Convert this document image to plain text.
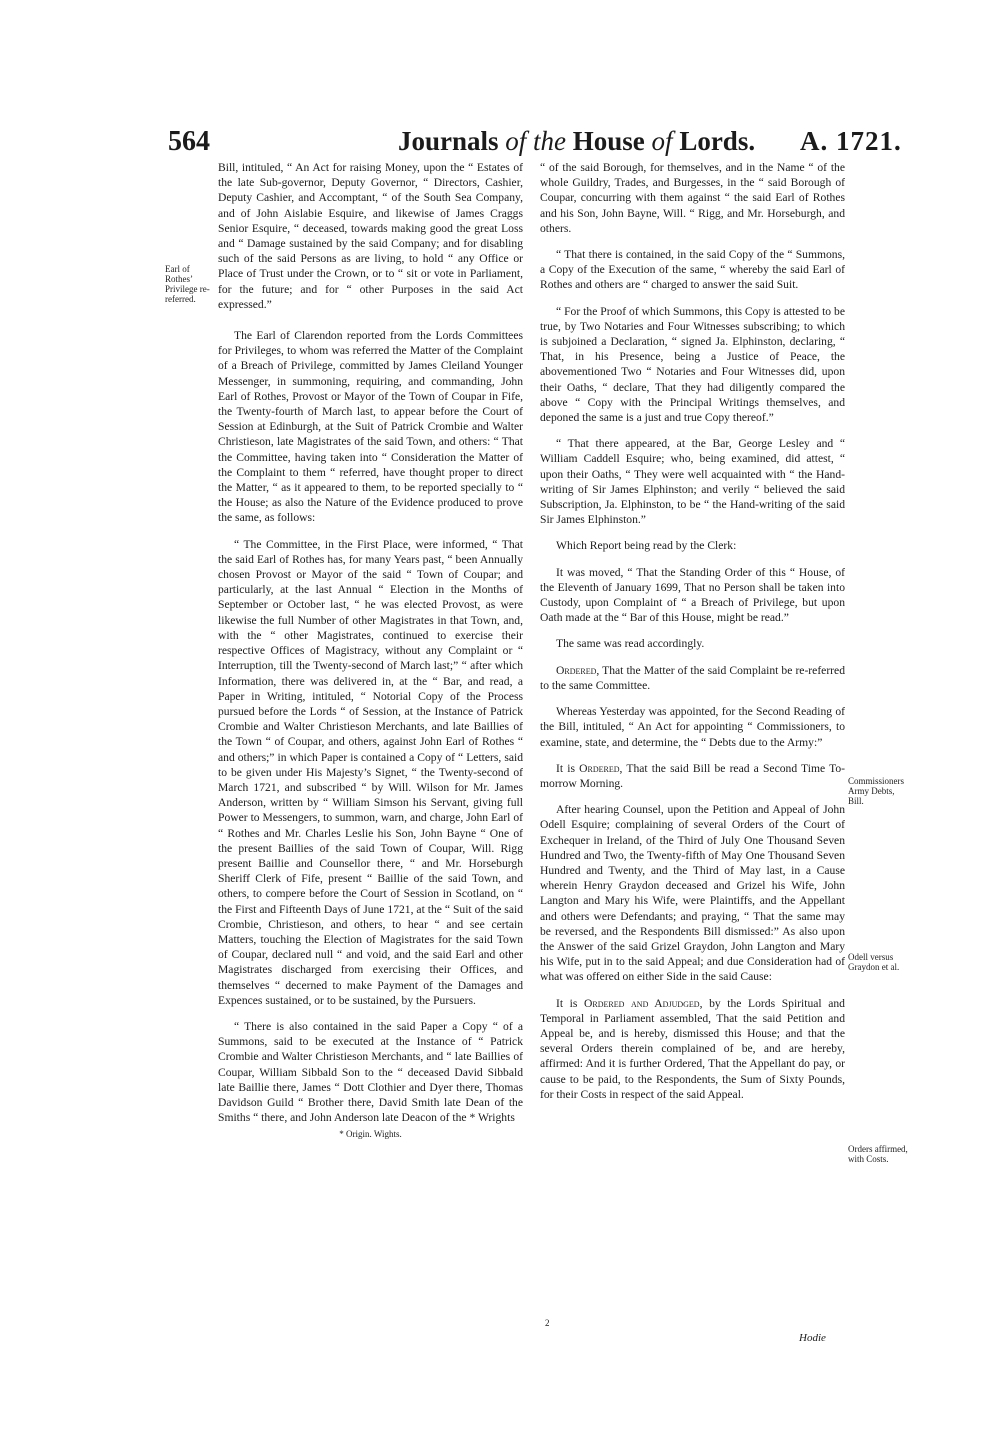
564	Journals of the House of Lords. A. 1721.
Earl of Rothes’ Privilege re-referred.
Commissioners Army Debts, Bill.
Odell versus Graydon et al.
Orders affirmed, with Costs.

Bill, intituled, “ An Act for raising Money, upon the “ Estates of the late Sub-governor, Deputy Governor, “ Directors, Cashier, Deputy Cashier, and Accomptant, “ of the South Sea Company, and of John Aislabie Esquire, and likewise of James Craggs Senior Esquire, “ deceased, towards making good the great Loss and “ Damage sustained by the said Company; and for disabling such of the said Persons as are living, to hold “ any Office or Place of Trust under the Crown, or to “ sit or vote in Parliament, for the future; and for “ other Purposes in the said Act expressed.”

The Earl of Clarendon reported from the Lords Committees for Privileges, to whom was referred the Matter of the Complaint of a Breach of Privilege, committed by James Cleiland Younger Messenger, in summoning, requiring, and commanding, John Earl of Rothes, Provost or Mayor of the Town of Coupar in Fife, the Twenty-fourth of March last, to appear before the Court of Session at Edinburgh, at the Suit of Patrick Crombie and Walter Christieson, late Magistrates of the said Town, and others: “ That the Committee, having taken into “ Consideration the Matter of the Complaint to them “ referred, have thought proper to direct the Matter, “ as it appeared to them, to be reported specially to “ the House; as also the Nature of the Evidence produced to prove the same, as follows:

“ The Committee, in the First Place, were informed, “ That the said Earl of Rothes has, for many Years past, “ been Annually chosen Provost or Mayor of the said “ Town of Coupar; and particularly, at the last Annual “ Election in the Months of September or October last, “ he was elected Provost, as were likewise the full Number of other Magistrates in that Town, and, with the “ other Magistrates, continued to exercise their respective Offices of Magistracy, without any Complaint or “ Interruption, till the Twenty-second of March last;” “ after which Information, there was delivered in, at the “ Bar, and read, a Paper in Writing, intituled, “ Notorial Copy of the Process pursued before the Lords “ of Session, at the Instance of Patrick Crombie and Walter Christieson Merchants, and late Baillies of the Town “ of Coupar, and others, against John Earl of Rothes “ and others;” in which Paper is contained a Copy of “ Letters, said to be given under His Majesty’s Signet, “ the Twenty-second of March 1721, and subscribed “ by Will. Wilson for Mr. James Anderson, written by “ William Simson his Servant, giving full Power to Messengers, to summon, warn, and charge, John Earl of “ Rothes and Mr. Charles Leslie his Son, John Bayne “ One of the present Baillies of the said Town of Coupar, Will. Rigg present Baillie and Counsellor there, “ and Mr. Horseburgh Sheriff Clerk of Fife, present “ Baillie of the said Town, and others, to compere before the Court of Session in Scotland, on “ the First and Fifteenth Days of June 1721, at the “ Suit of the said Crombie, Christieson, and others, to hear “ and see certain Matters, touching the Election of Magistrates for the said Town of Coupar, declared null “ and void, and the said Earl and other Magistrates discharged from exercising their Offices, and themselves “ decerned to make Payment of the Damages and Expences sustained, or to be sustained, by the Pursuers.

“ There is also contained in the said Paper a Copy “ of a Summons, said to be executed at the Instance of “ Patrick Crombie and Walter Christieson Merchants, and “ late Baillies of Coupar, William Sibbald Son to the “ deceased David Sibbald late Baillie there, James “ Dott Clothier and Dyer there, Thomas Davidson Guild “ Brother there, David Smith late Dean of the Smiths “ there, and John Anderson late Deacon of the * Wrights

* Origin. Wights.

“ of the said Borough, for themselves, and in the Name “ of the whole Guildry, Trades, and Burgesses, in the “ said Borough of Coupar, concurring with them against “ the said Earl of Rothes and his Son, John Bayne, Will. “ Rigg, and Mr. Horseburgh, and others.

“ That there is contained, in the said Copy of the “ Summons, a Copy of the Execution of the same, “ whereby the said Earl of Rothes and others are “ charged to answer the said Suit.

“ For the Proof of which Summons, this Copy is attested to be true, by Two Notaries and Four Witnesses subscribing; to which is subjoined a Declaration, “ signed Ja. Elphinston, declaring, “ That, in his Presence, being a Justice of Peace, the abovementioned Two “ Notaries and Four Witnesses did, upon their Oaths, “ declare, That they had diligently compared the above “ Copy with the Principal Writings themselves, and deponed the same is a just and true Copy thereof.”

“ That there appeared, at the Bar, George Lesley and “ William Caddell Esquire; who, being examined, did attest, “ upon their Oaths, “ They were well acquainted with “ the Hand-writing of Sir James Elphinston; and verily “ believed the said Subscription, Ja. Elphinston, to be “ the Hand-writing of the said Sir James Elphinston.”

Which Report being read by the Clerk:

It was moved, “ That the Standing Order of this “ House, of the Eleventh of January 1699, That no Person shall be taken into Custody, upon Complaint of “ a Breach of Privilege, but upon Oath made at the “ Bar of this House, might be read.”

The same was read accordingly.

Ordered, That the Matter of the said Complaint be re-referred to the same Committee.

Whereas Yesterday was appointed, for the Second Reading of the Bill, intituled, “ An Act for appointing “ Commissioners, to examine, state, and determine, the “ Debts due to the Army:”

It is Ordered, That the said Bill be read a Second Time To-morrow Morning.

After hearing Counsel, upon the Petition and Appeal of John Odell Esquire; complaining of several Orders of the Court of Exchequer in Ireland, of the Third of July One Thousand Seven Hundred and Two, the Twenty-fifth of May One Thousand Seven Hundred and Twenty, and the Third of May last, in a Cause wherein Henry Graydon deceased and Grizel his Wife, John Langton and Mary his Wife, were Plaintiffs, and the Appellant and others were Defendants; and praying, “ That the same may be reversed, and the Respondents Bill dismissed:” As also upon the Answer of the said Grizel Graydon, John Langton and Mary his Wife, put in to the said Appeal; and due Consideration had of what was offered on either Side in the said Cause:

It is Ordered and Adjudged, by the Lords Spiritual and Temporal in Parliament assembled, That the said Petition and Appeal be, and is hereby, dismissed this House; and that the several Orders therein complained of be, and are hereby, affirmed: And it is further Ordered, That the Appellant do pay, or cause to be paid, to the Respondents, the Sum of Sixty Pounds, for their Costs in respect of the said Appeal.

2
Hodie
